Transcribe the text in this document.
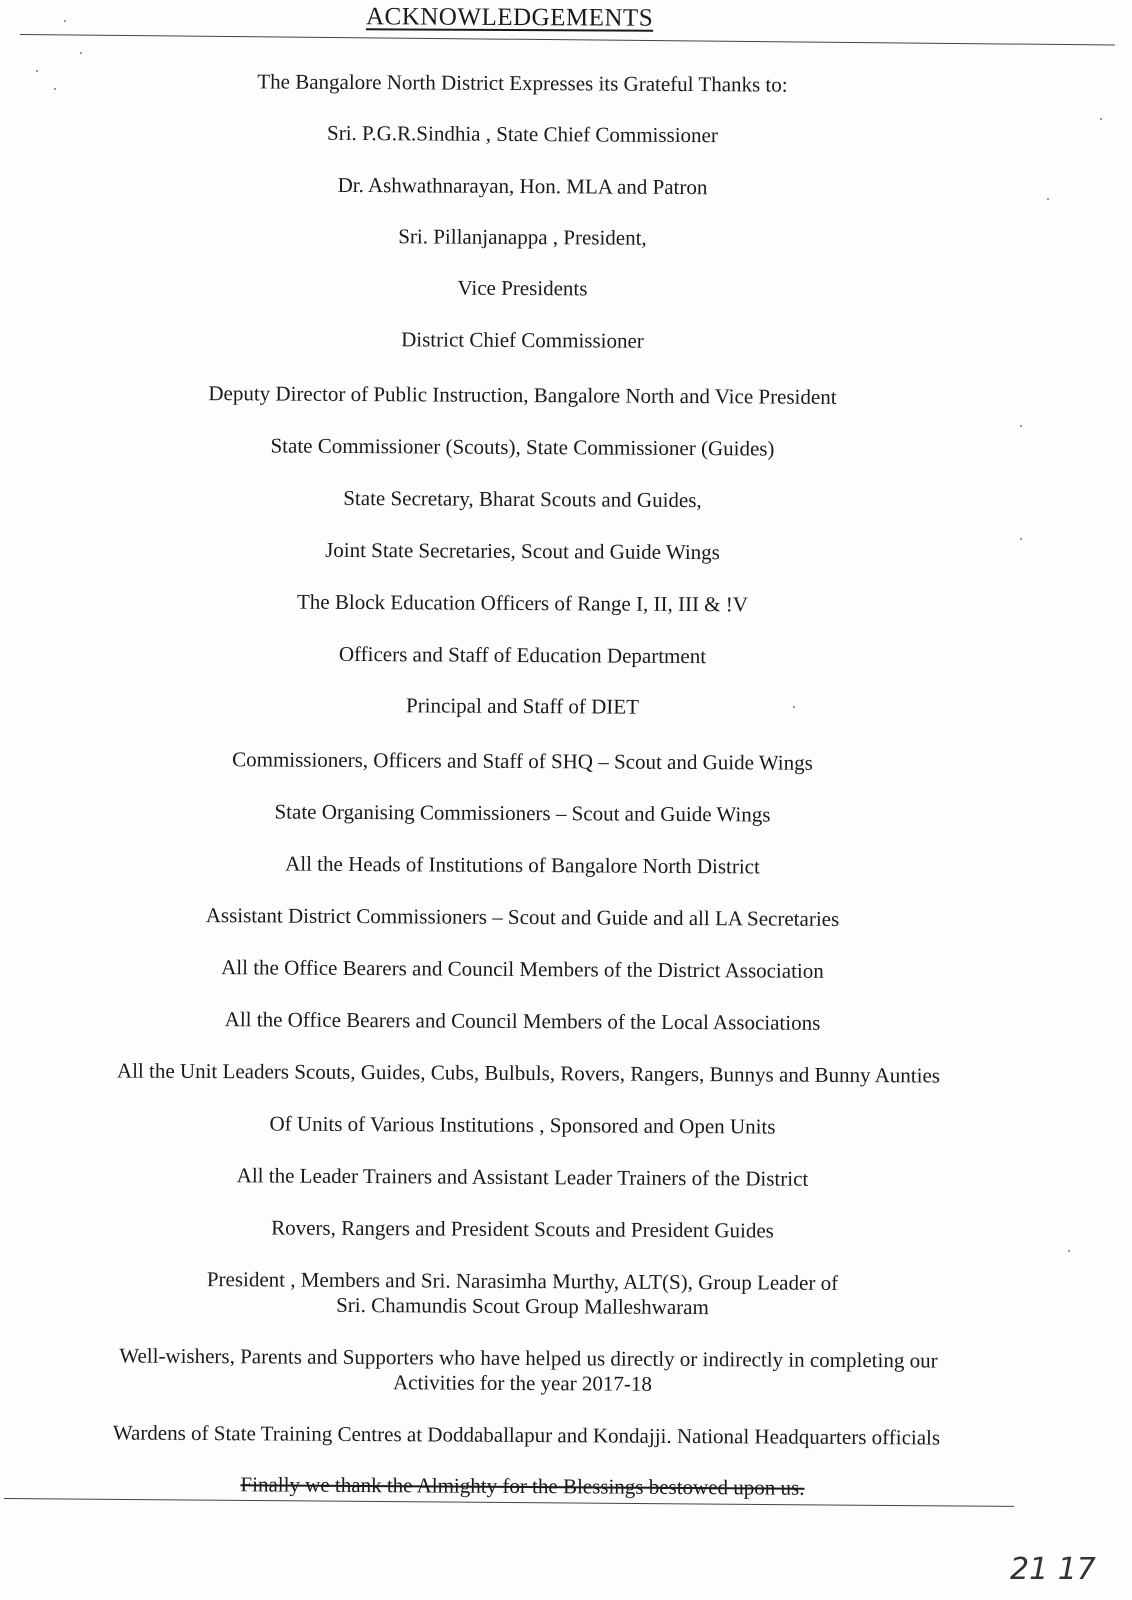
ACKNOWLEDGEMENTS
The Bangalore North District Expresses its Grateful Thanks to:
Sri. P.G.R.Sindhia , State Chief Commissioner
Dr. Ashwathnarayan, Hon. MLA and Patron
Sri. Pillanjanappa , President,
Vice Presidents
District Chief Commissioner
Deputy Director of Public Instruction, Bangalore North and Vice President
State Commissioner (Scouts), State Commissioner (Guides)
State Secretary, Bharat Scouts and Guides,
Joint State Secretaries, Scout and Guide Wings
The Block Education Officers of Range I, II, III & !V
Officers and Staff of Education Department
Principal and Staff of DIET
Commissioners, Officers and Staff of SHQ – Scout and Guide Wings
State Organising Commissioners – Scout and Guide Wings
All the Heads of Institutions of Bangalore North District
Assistant District Commissioners – Scout and Guide and all LA Secretaries
All the Office Bearers and Council Members of the District Association
All the Office Bearers and Council Members of the Local Associations
All the Unit Leaders Scouts, Guides, Cubs, Bulbuls, Rovers, Rangers, Bunnys and Bunny Aunties
Of Units of Various Institutions , Sponsored and Open Units
All the Leader Trainers and Assistant Leader Trainers of the District
Rovers, Rangers and President Scouts and President Guides
President , Members and Sri. Narasimha Murthy, ALT(S), Group Leader of
Sri. Chamundis Scout Group Malleshwaram
Well-wishers, Parents and Supporters who have helped us directly or indirectly in completing our
Activities for the year 2017-18
Wardens of State Training Centres at Doddaballapur and Kondajji. National Headquarters officials
Finally we thank the Almighty for the Blessings bestowed upon us.
21 17
